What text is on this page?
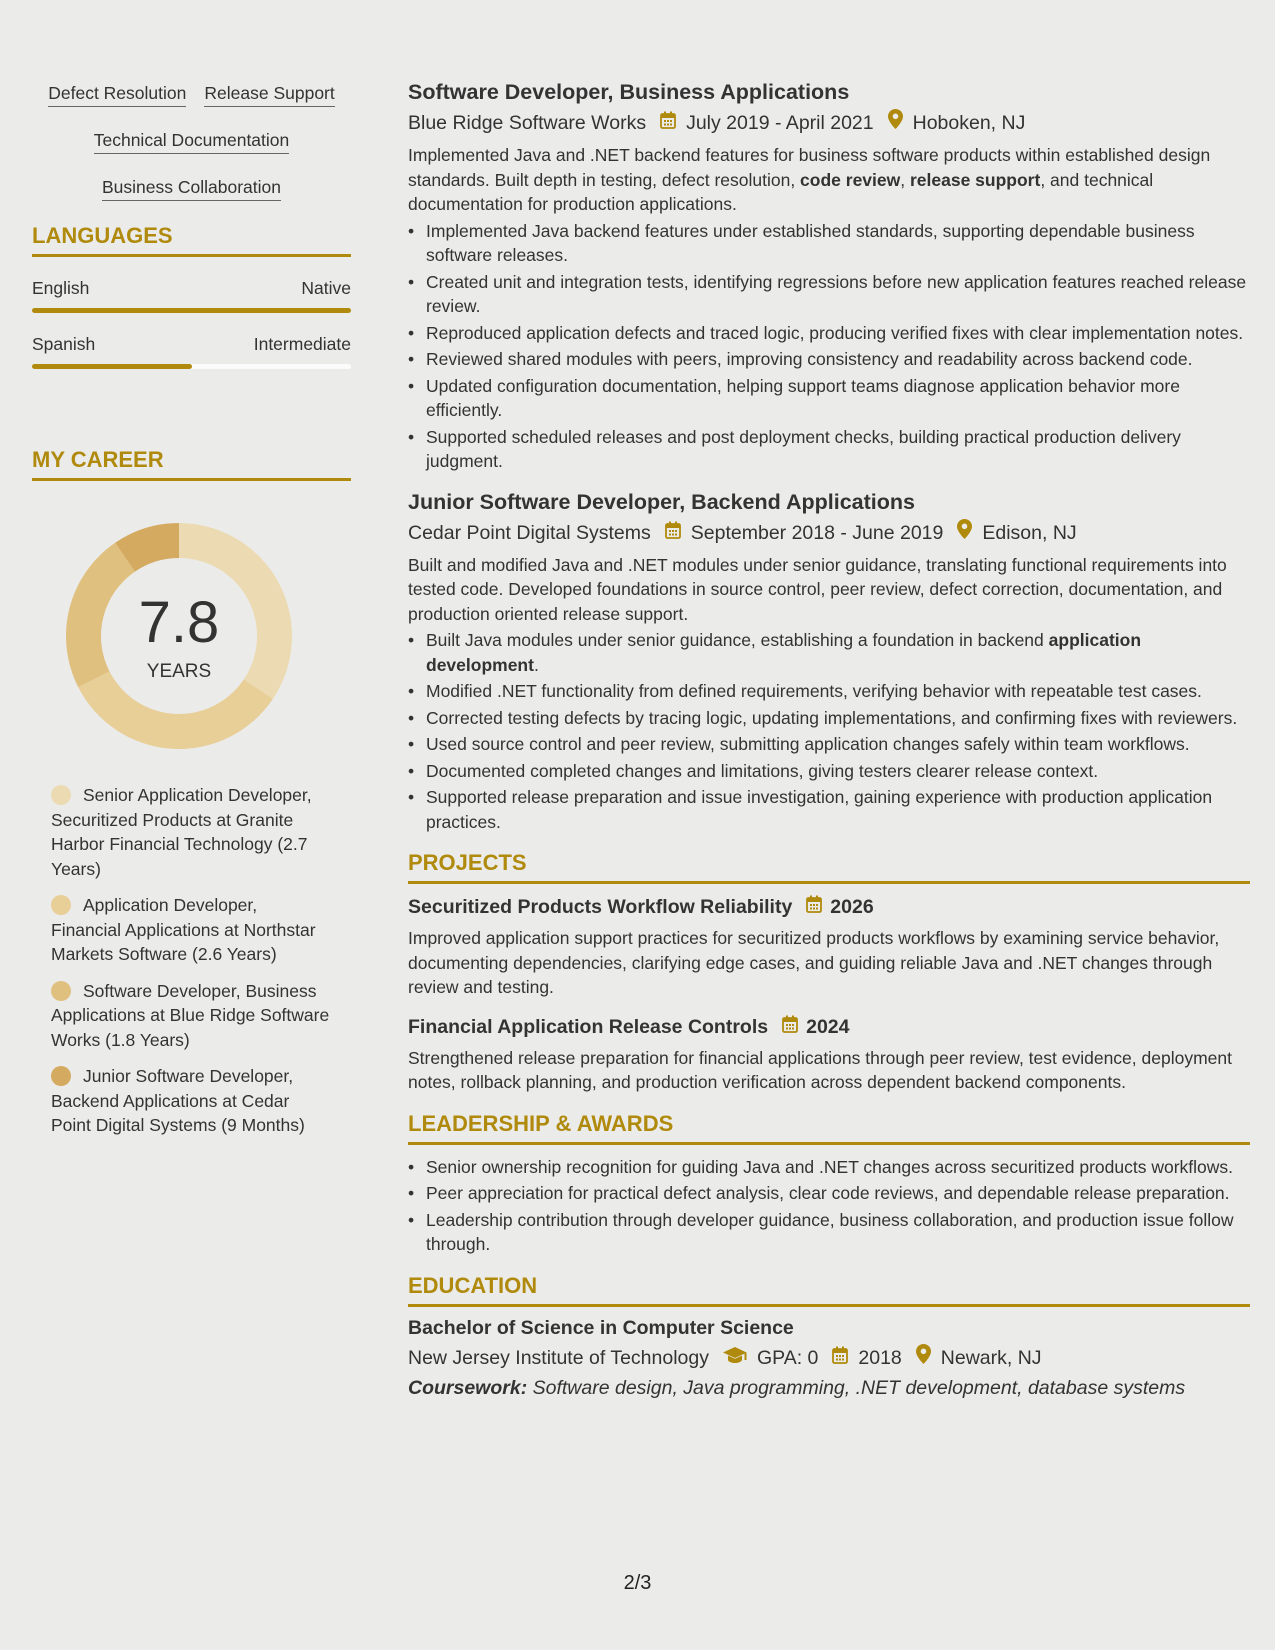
Defect Resolution Release Support
Technical Documentation
Business Collaboration
LANGUAGES
English	Native
Spanish	Intermediate
MY CAREER
7.8
YEARS
Senior Application Developer, Securitized Products at Granite Harbor Financial Technology (2.7 Years)
Application Developer, Financial Applications at Northstar Markets Software (2.6 Years)
Software Developer, Business Applications at Blue Ridge Software Works (1.8 Years)
Junior Software Developer, Backend Applications at Cedar Point Digital Systems (9 Months)
Software Developer, Business Applications
Blue Ridge Software Works July 2019 - April 2021 Hoboken, NJ
Implemented Java and .NET backend features for business software products within established design standards. Built depth in testing, defect resolution, code review, release support, and technical documentation for production applications.
• Implemented Java backend features under established standards, supporting dependable business software releases.
• Created unit and integration tests, identifying regressions before new application features reached release review.
• Reproduced application defects and traced logic, producing verified fixes with clear implementation notes.
• Reviewed shared modules with peers, improving consistency and readability across backend code.
• Updated configuration documentation, helping support teams diagnose application behavior more efficiently.
• Supported scheduled releases and post deployment checks, building practical production delivery judgment.
Junior Software Developer, Backend Applications
Cedar Point Digital Systems September 2018 - June 2019 Edison, NJ
Built and modified Java and .NET modules under senior guidance, translating functional requirements into tested code. Developed foundations in source control, peer review, defect correction, documentation, and production oriented release support.
• Built Java modules under senior guidance, establishing a foundation in backend application development.
• Modified .NET functionality from defined requirements, verifying behavior with repeatable test cases.
• Corrected testing defects by tracing logic, updating implementations, and confirming fixes with reviewers.
• Used source control and peer review, submitting application changes safely within team workflows.
• Documented completed changes and limitations, giving testers clearer release context.
• Supported release preparation and issue investigation, gaining experience with production application practices.
PROJECTS
Securitized Products Workflow Reliability 2026
Improved application support practices for securitized products workflows by examining service behavior, documenting dependencies, clarifying edge cases, and guiding reliable Java and .NET changes through review and testing.
Financial Application Release Controls 2024
Strengthened release preparation for financial applications through peer review, test evidence, deployment notes, rollback planning, and production verification across dependent backend components.
LEADERSHIP & AWARDS
• Senior ownership recognition for guiding Java and .NET changes across securitized products workflows.
• Peer appreciation for practical defect analysis, clear code reviews, and dependable release preparation.
• Leadership contribution through developer guidance, business collaboration, and production issue follow through.
EDUCATION
Bachelor of Science in Computer Science
New Jersey Institute of Technology GPA: 0 2018 Newark, NJ
Coursework: Software design, Java programming, .NET development, database systems
2/3
